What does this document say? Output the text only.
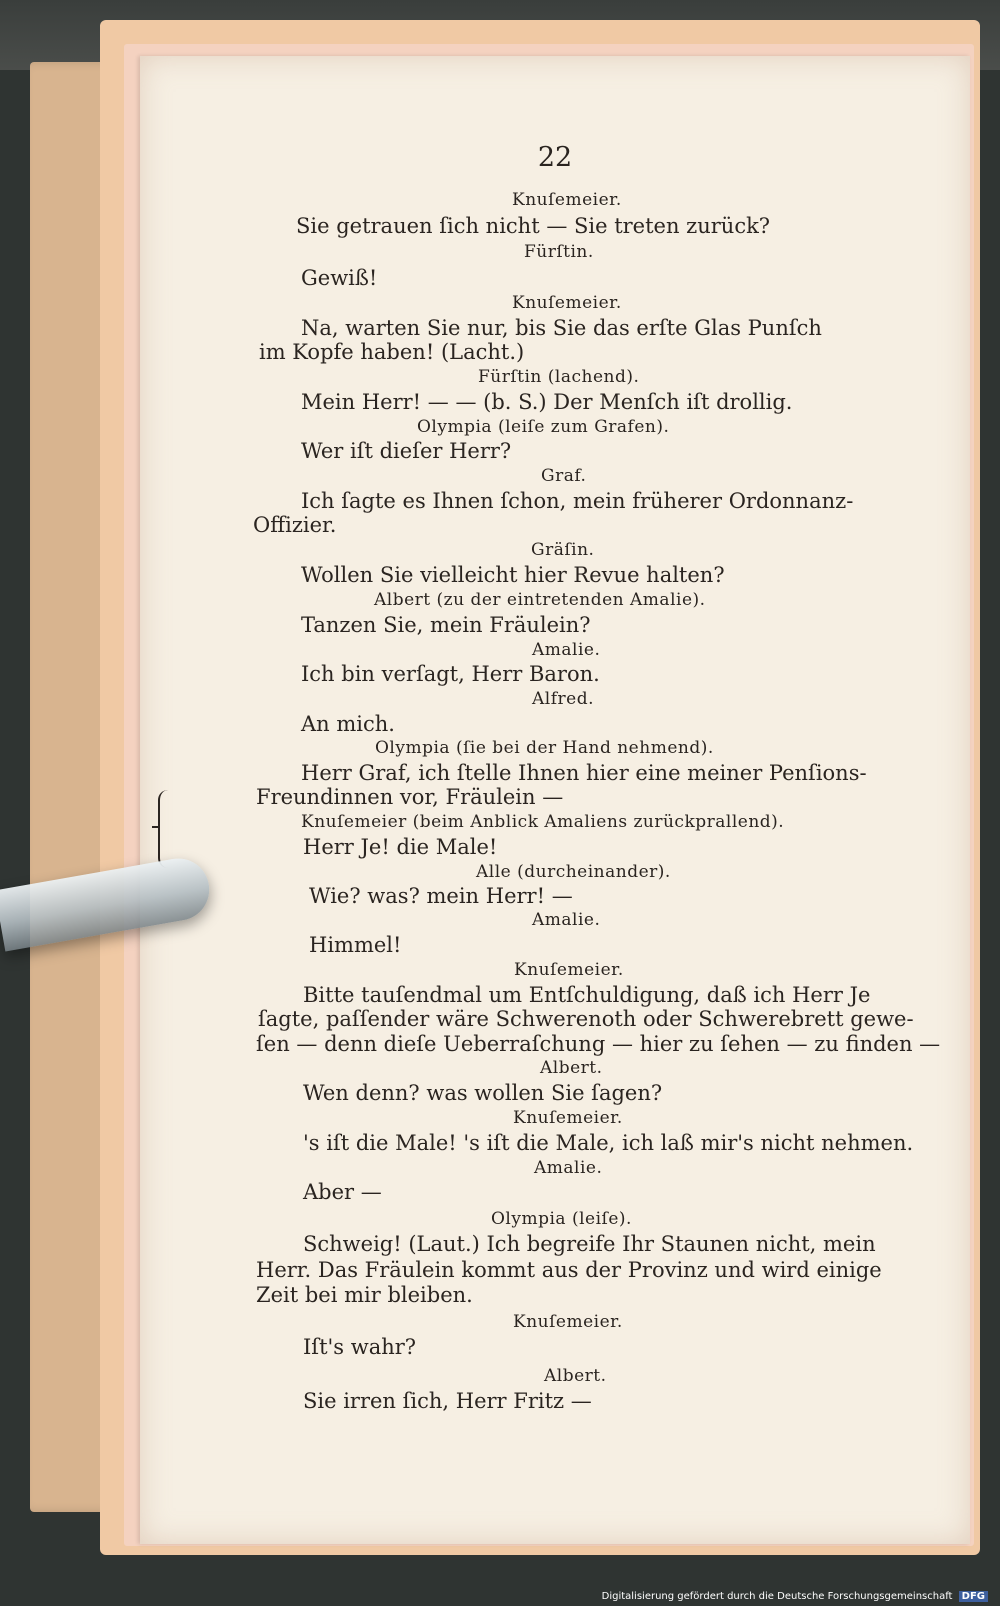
22
Knuſemeier.
Sie getrauen ſich nicht — Sie treten zurück?
Fürſtin.
Gewiß!
Knuſemeier.
Na, warten Sie nur, bis Sie das erſte Glas Punſch
im Kopfe haben! (Lacht.)
Fürſtin (lachend).
Mein Herr! — — (b. S.) Der Menſch iſt drollig.
Olympia (leiſe zum Grafen).
Wer iſt dieſer Herr?
Graf.
Ich ſagte es Ihnen ſchon, mein früherer Ordonnanz-
Offizier.
Gräſin.
Wollen Sie vielleicht hier Revue halten?
Albert (zu der eintretenden Amalie).
Tanzen Sie, mein Fräulein?
Amalie.
Ich bin verſagt, Herr Baron.
Alfred.
An mich.
Olympia (ſie bei der Hand nehmend).
Herr Graf, ich ſtelle Ihnen hier eine meiner Penſions-
Freundinnen vor, Fräulein —
Knuſemeier (beim Anblick Amaliens zurückprallend).
Herr Je! die Male!
Alle (durcheinander).
Wie? was? mein Herr! —
Amalie.
Himmel!
Knuſemeier.
Bitte tauſendmal um Entſchuldigung, daß ich Herr Je
ſagte, paſſender wäre Schwerenoth oder Schwerebrett gewe-
ſen — denn dieſe Ueberraſchung — hier zu ſehen — zu finden —
Albert.
Wen denn? was wollen Sie ſagen?
Knuſemeier.
's iſt die Male! 's iſt die Male, ich laß mir's nicht nehmen.
Amalie.
Aber —
Olympia (leiſe).
Schweig! (Laut.) Ich begreife Ihr Staunen nicht, mein
Herr. Das Fräulein kommt aus der Provinz und wird einige
Zeit bei mir bleiben.
Knuſemeier.
Iſt's wahr?
Albert.
Sie irren ſich, Herr Fritz —
Digitalisierung gefördert durch die Deutsche Forschungsgemeinschaft DFG
